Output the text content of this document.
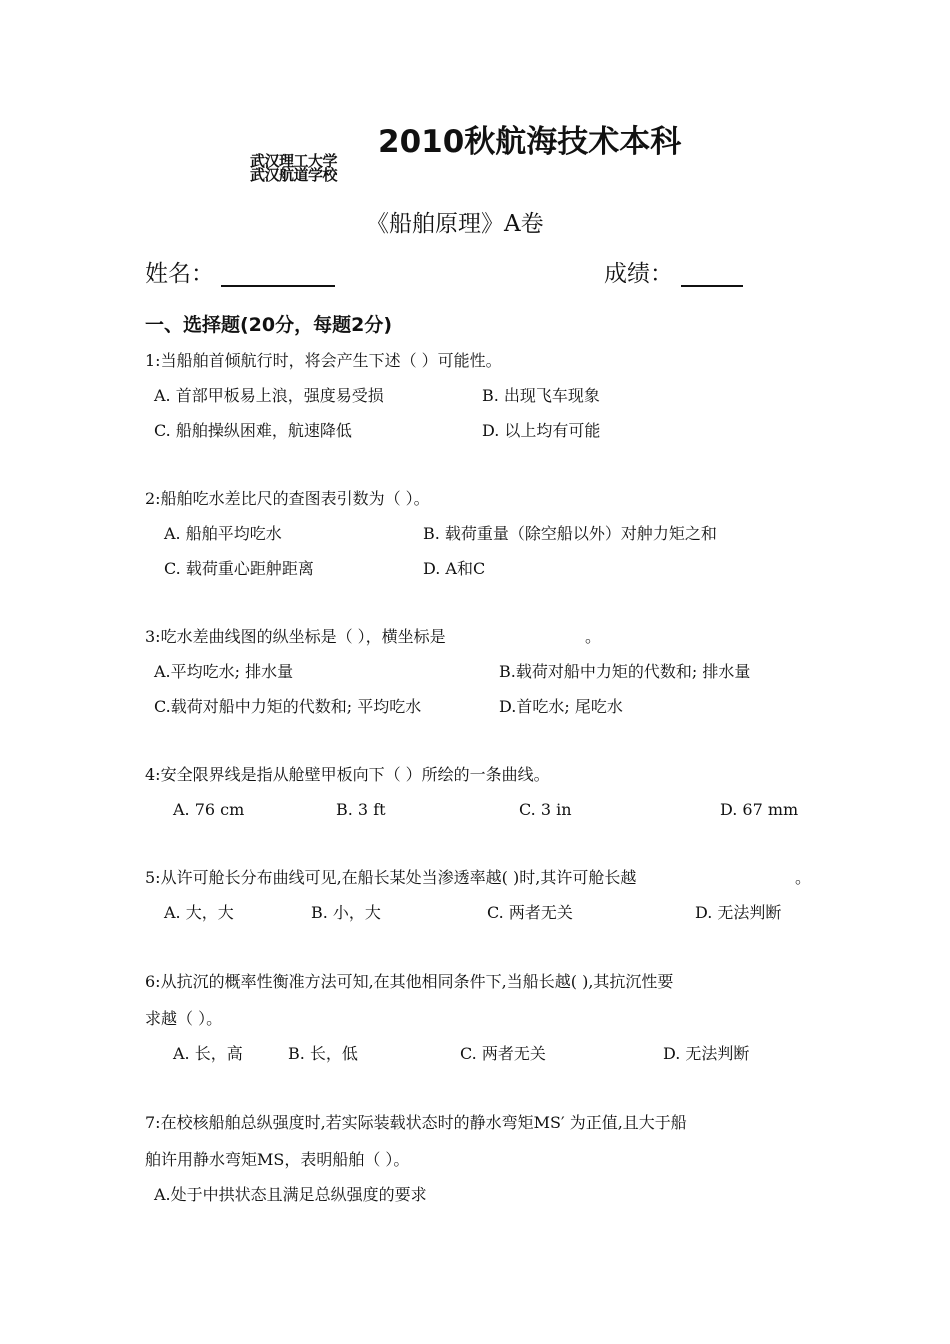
武汉理工大学
武汉航道学校
2010秋航海技术本科
《船舶原理》A卷
姓名：	成绩：
一、选择题(20分，每题2分)
1:当船舶首倾航行时，将会产生下述（ ）可能性。
A. 首部甲板易上浪，强度易受损	B. 出现飞车现象
C. 船舶操纵困难，航速降低	D. 以上均有可能
2:船舶吃水差比尺的查图表引数为（ ）。
A. 船舶平均吃水	B. 载荷重量（除空船以外）对舯力矩之和
C. 载荷重心距舯距离	D. A和C
3:吃水差曲线图的纵坐标是（ ），横坐标是	。
A.平均吃水; 排水量	B.载荷对船中力矩的代数和; 排水量
C.载荷对船中力矩的代数和; 平均吃水	D.首吃水; 尾吃水
4:安全限界线是指从舱壁甲板向下（ ）所绘的一条曲线。
A. 76 cm	B. 3 ft	C. 3 in	D. 67 mm
5:从许可舱长分布曲线可见,在船长某处当渗透率越( )时,其许可舱长越	。
A. 大，大	B. 小，大	C. 两者无关	D. 无法判断
6:从抗沉的概率性衡准方法可知,在其他相同条件下,当船长越( ),其抗沉性要
求越（ ）。
A. 长，高	B. 长，低	C. 两者无关	D. 无法判断
7:在校核船舶总纵强度时,若实际装载状态时的静水弯矩MS′ 为正值,且大于船
舶许用静水弯矩MS，表明船舶（ ）。
A.处于中拱状态且满足总纵强度的要求
